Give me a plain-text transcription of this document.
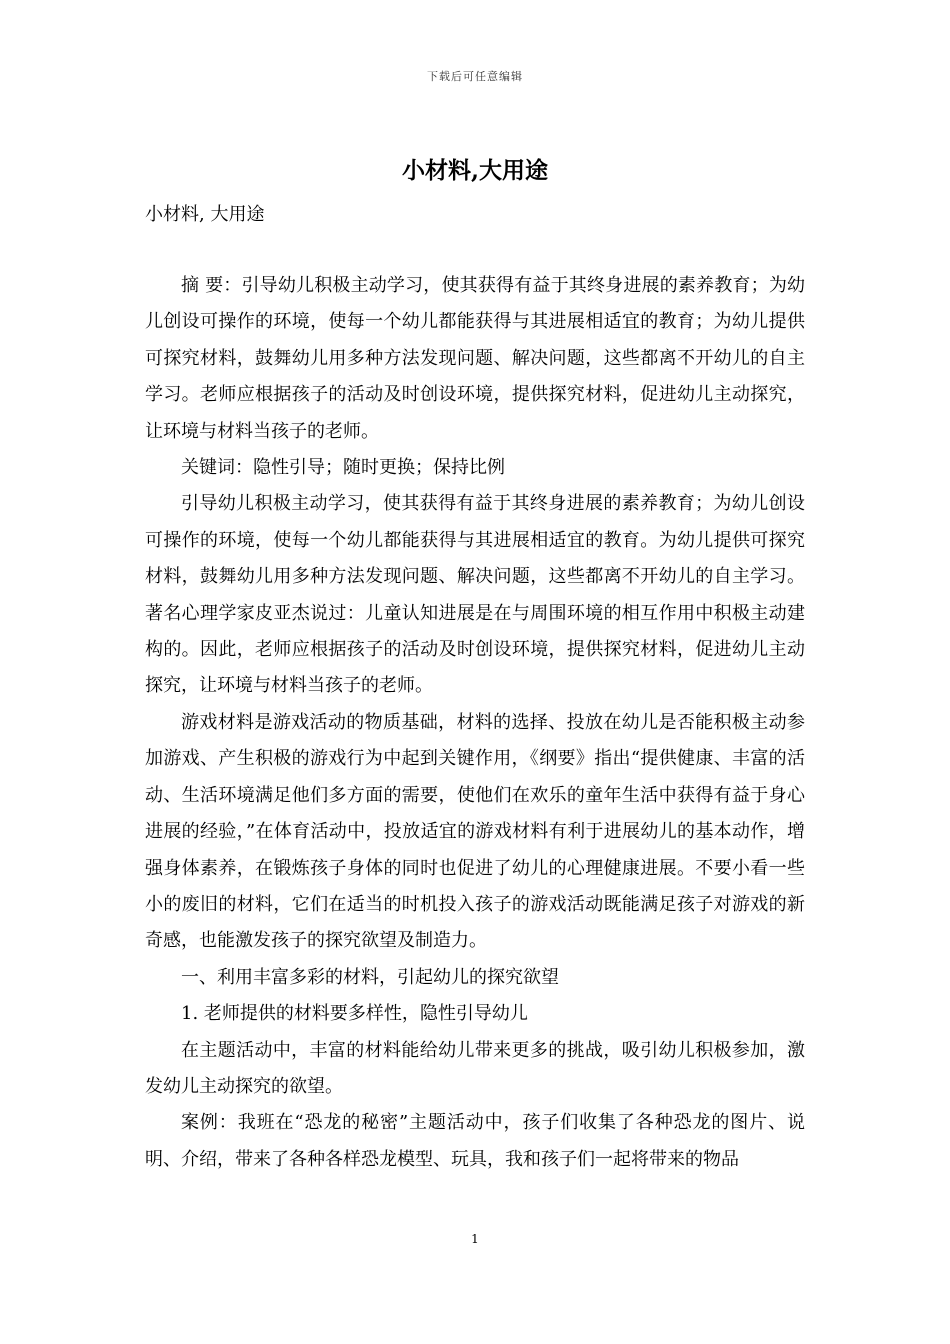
下载后可任意编辑
小材料,大用途

小材料, 大用途

摘 要：引导幼儿积极主动学习，使其获得有益于其终身进展的素养教育；为幼儿创设可操作的环境，使每一个幼儿都能获得与其进展相适宜的教育；为幼儿提供可探究材料，鼓舞幼儿用多种方法发现问题、解决问题，这些都离不开幼儿的自主学习。老师应根据孩子的活动及时创设环境，提供探究材料，促进幼儿主动探究，让环境与材料当孩子的老师。

关键词：隐性引导；随时更换；保持比例

引导幼儿积极主动学习，使其获得有益于其终身进展的素养教育；为幼儿创设可操作的环境，使每一个幼儿都能获得与其进展相适宜的教育。为幼儿提供可探究材料，鼓舞幼儿用多种方法发现问题、解决问题，这些都离不开幼儿的自主学习。著名心理学家皮亚杰说过：儿童认知进展是在与周围环境的相互作用中积极主动建构的。因此，老师应根据孩子的活动及时创设环境，提供探究材料，促进幼儿主动探究，让环境与材料当孩子的老师。

游戏材料是游戏活动的物质基础，材料的选择、投放在幼儿是否能积极主动参加游戏、产生积极的游戏行为中起到关键作用，《纲要》指出“提供健康、丰富的活动、生活环境满足他们多方面的需要，使他们在欢乐的童年生活中获得有益于身心进展的经验，”在体育活动中，投放适宜的游戏材料有利于进展幼儿的基本动作，增强身体素养，在锻炼孩子身体的同时也促进了幼儿的心理健康进展。不要小看一些小的废旧的材料，它们在适当的时机投入孩子的游戏活动既能满足孩子对游戏的新奇感，也能激发孩子的探究欲望及制造力。

一、利用丰富多彩的材料，引起幼儿的探究欲望

1. 老师提供的材料要多样性，隐性引导幼儿

在主题活动中，丰富的材料能给幼儿带来更多的挑战，吸引幼儿积极参加，激发幼儿主动探究的欲望。

案例：我班在“恐龙的秘密”主题活动中，孩子们收集了各种恐龙的图片、说明、介绍，带来了各种各样恐龙模型、玩具，我和孩子们一起将带来的物品

1
